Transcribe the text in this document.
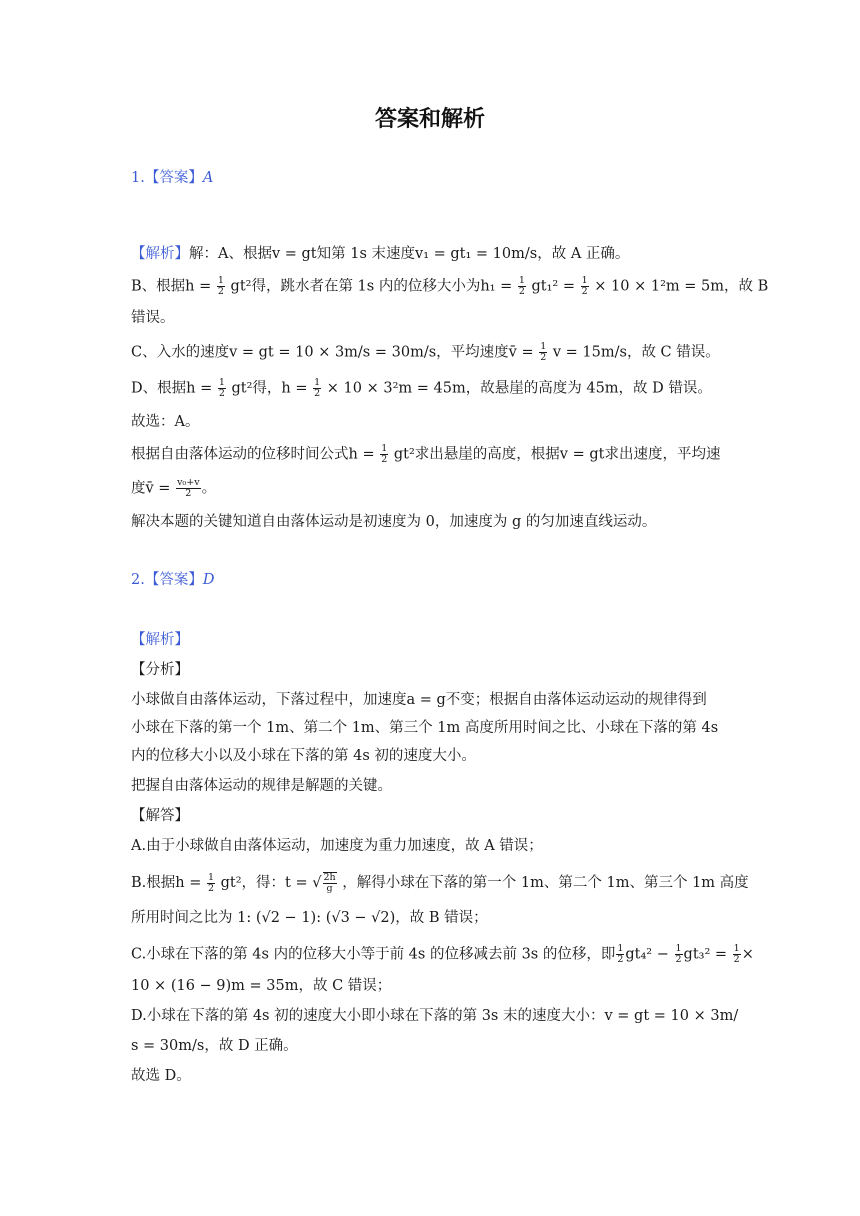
答案和解析
1.【答案】A
【解析】解：A、根据v = gt知第 1s 末速度v₁ = gt₁ = 10m/s，故 A 正确。
B、根据$h = \frac{1}{2} gt^2$得，跳水者在第 1s 内的位移大小为$h_1 = \frac{1}{2} gt_1^2 = \frac{1}{2} \times 10 \times 1^2m = 5m$，故 B
错误。
C、入水的速度v = gt = 10 × 3m/s = 30m/s，平均速度v̄ = $\frac{1}{2}$ v = 15m/s，故 C 错误。
D、根据$h = \frac{1}{2} gt^2$得，$h = \frac{1}{2} \times 10 \times 3^2m = 45m$，故悬崖的高度为 45m，故 D 错误。
故选：A。
根据自由落体运动的位移时间公式$h = \frac{1}{2} gt^2$求出悬崖的高度，根据v = gt求出速度，平均速
度v̄ = $\frac{\text{v₀+v}}{2}$ 。
解决本题的关键知道自由落体运动是初速度为 0，加速度为 g 的匀加速直线运动。
2.【答案】D
【解析】
【分析】
小球做自由落体运动，下落过程中，加速度a = g不变；根据自由落体运动运动的规律得到
小球在下落的第一个 1m、第二个 1m、第三个 1m 高度所用时间之比、小球在下落的第 4s
内的位移大小以及小球在下落的第 4s 初的速度大小。
把握自由落体运动的规律是解题的关键。
【解答】
A.由于小球做自由落体运动，加速度为重力加速度，故 A 错误；
B.根据$h = \frac{1}{2} gt^2$，得：t = √ $\frac{2h}{g}$ ，解得小球在下落的第一个 1m、第二个 1m、第三个 1m 高度
所用时间之比为 1: (√2 − 1): (√3 − √2)，故 B 错误；
C.小球在下落的第 4s 内的位移大小等于前 4s 的位移减去前 3s 的位移，即 $\frac{1}{2} gt_4^2 - \frac{1}{2} gt_3^2 = \frac{1}{2}$ ×
10 × (16 − 9)m = 35m，故 C 错误；
D.小球在下落的第 4s 初的速度大小即小球在下落的第 3s 末的速度大小：v = gt = 10 × 3m/
s = 30m/s，故 D 正确。
故选 D。
